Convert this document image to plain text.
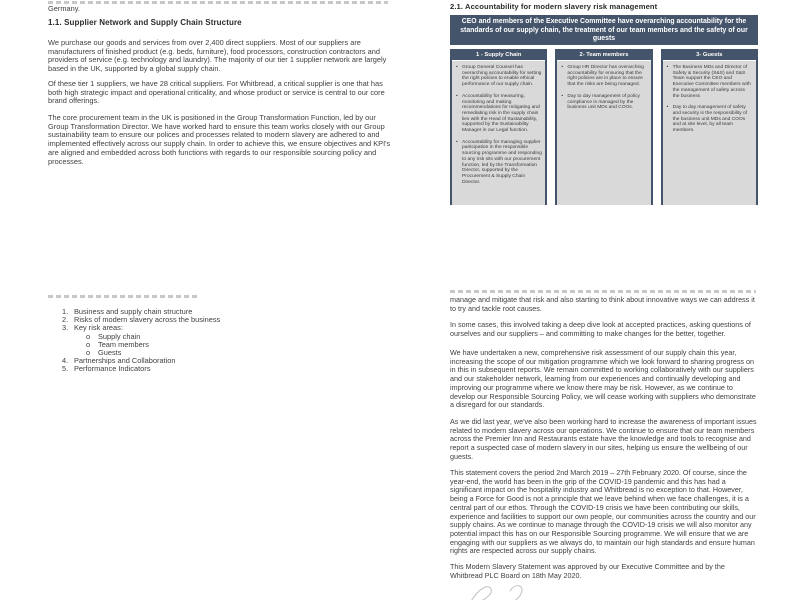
Germany.
1.1. Supplier Network and Supply Chain Structure
We purchase our goods and services from over 2,400 direct suppliers. Most of our suppliers are manufacturers of finished product (e.g. beds, furniture), food processors, construction contractors and providers of service (e.g. technology and laundry). The majority of our tier 1 supplier network are largely based in the UK, supported by a global supply chain.
Of these tier 1 suppliers, we have 28 critical suppliers. For Whitbread, a critical supplier is one that has both high strategic impact and operational criticality, and whose product or service is central to our core brand offerings.
The core procurement team in the UK is positioned in the Group Transformation Function, led by our Group Transformation Director. We have worked hard to ensure this team works closely with our Group sustainability team to ensure our polices and processes related to modern slavery are adhered to and implemented effectively across our supply chain. In order to achieve this, we ensure objectives and KPI's are aligned and embedded across both functions with regards to our responsible sourcing policy and processes.
1. Business and supply chain structure
2. Risks of modern slavery across the business
3. Key risk areas:
o Supply chain
o Team members
o Guests
4. Partnerships and Collaboration
5. Performance Indicators
2.1. Accountability for modern slavery risk management
CEO and members of the Executive Committee have overarching accountability for the standards of our supply chain, the treatment of our team members and the safety of our guests
1 - Supply Chain
• Group General Counsel has overarching accountability for setting the right policies to enable ethical performance of our supply chain.
• Accountability for measuring, monitoring and making recommendations for mitigating and remediating risk in the supply chain lies with the Head of Sustainability, supported by the Sustainability Manager in our Legal function.
• Accountability for managing supplier participation in the responsible sourcing programme and responding to any risk sits with our procurement function, led by the Transformation Director, supported by the Procurement & Supply Chain Director.
2- Team members
• Group HR Director has overarching accountability for ensuring that the right policies are in place to ensure that the risks are being managed.
• Day to day management of policy compliance is managed by the business unit MDs and COOs.
3- Guests
• The Business MDs and Director of Safety & Security (S&S) and S&S Team support the CEO and Executive Committee members with the management of safety across the business
• Day to day management of safety and security is the responsibility of the business unit MDs and COOs and at site level, by all team members.
manage and mitigate that risk and also starting to think about innovative ways we can address it to try and tackle root causes.
In some cases, this involved taking a deep dive look at accepted practices, asking questions of ourselves and our suppliers – and committing to make changes for the better, together.
We have undertaken a new, comprehensive risk assessment of our supply chain this year, increasing the scope of our mitigation programme which we look forward to sharing progress on in this in subsequent reports. We remain committed to working collaboratively with our suppliers and our stakeholder network, learning from our experiences and continually developing and improving our programme where we know there may be risk. However, as we continue to develop our Responsible Sourcing Policy, we will cease working with suppliers who demonstrate a disregard for our standards.
As we did last year, we've also been working hard to increase the awareness of important issues related to modern slavery across our operations. We continue to ensure that our team members across the Premier Inn and Restaurants estate have the knowledge and tools to recognise and report a suspected case of modern slavery in our sites, helping us ensure the wellbeing of our guests.
This statement covers the period 2nd March 2019 – 27th February 2020. Of course, since the year-end, the world has been in the grip of the COVID-19 pandemic and this has had a significant impact on the hospitality industry and Whitbread is no exception to that. However, being a Force for Good is not a principle that we leave behind when we face challenges, it is a central part of our ethos. Through the COVID-19 crisis we have been contributing our skills, experience and facilities to support our own people, our communities across the country and our supply chains. As we continue to manage through the COVID-19 crisis we will also monitor any potential impact this has on our Responsible Sourcing programme. We will ensure that we are engaging with our suppliers as we always do, to maintain our high standards and ensure human rights are respected across our supply chains.
This Modern Slavery Statement was approved by our Executive Committee and by the Whitbread PLC Board on 18th May 2020.
